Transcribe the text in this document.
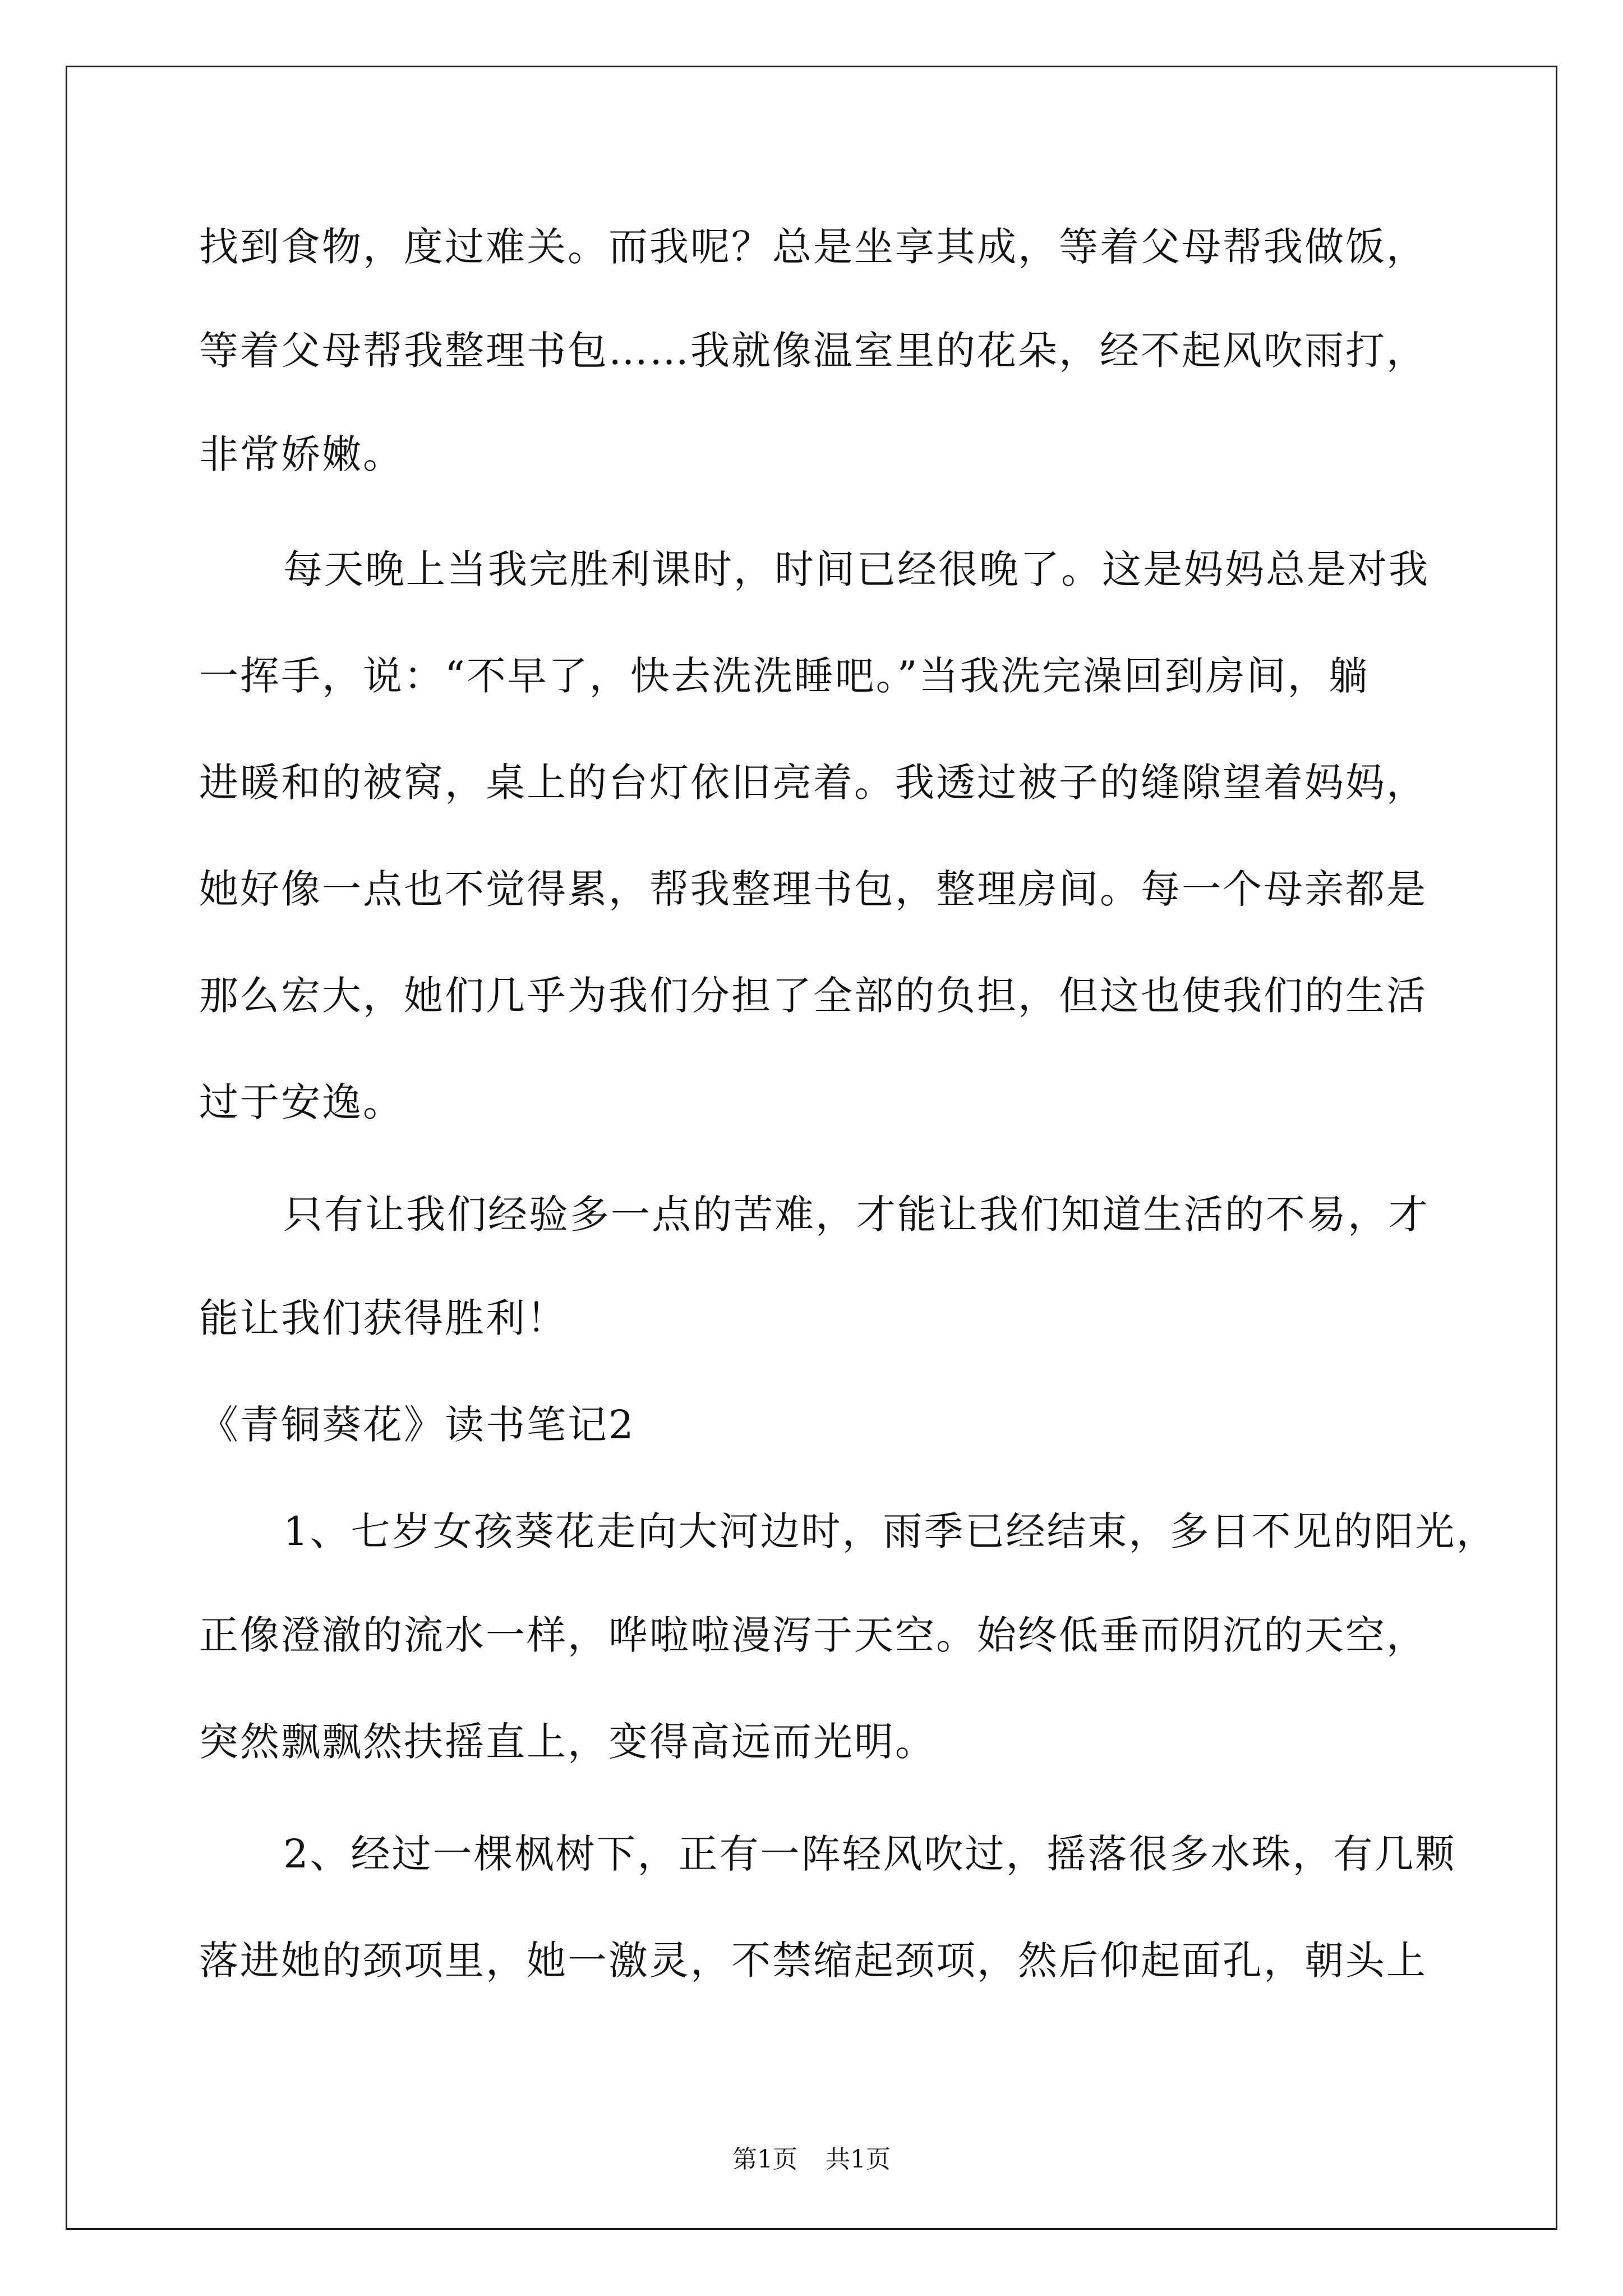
找到食物，度过难关。而我呢？总是坐享其成，等着父母帮我做饭，
等着父母帮我整理书包……我就像温室里的花朵，经不起风吹雨打，
非常娇嫩。
每天晚上当我完胜利课时，时间已经很晚了。这是妈妈总是对我
一挥手，说：“不早了，快去洗洗睡吧。”当我洗完澡回到房间，躺
进暖和的被窝，桌上的台灯依旧亮着。我透过被子的缝隙望着妈妈，
她好像一点也不觉得累，帮我整理书包，整理房间。每一个母亲都是
那么宏大，她们几乎为我们分担了全部的负担，但这也使我们的生活
过于安逸。
只有让我们经验多一点的苦难，才能让我们知道生活的不易，才
能让我们获得胜利！
《青铜葵花》读书笔记2
1、七岁女孩葵花走向大河边时，雨季已经结束，多日不见的阳光，
正像澄澈的流水一样，哗啦啦漫泻于天空。始终低垂而阴沉的天空，
突然飘飘然扶摇直上，变得高远而光明。
2、经过一棵枫树下，正有一阵轻风吹过，摇落很多水珠，有几颗
落进她的颈项里，她一激灵，不禁缩起颈项，然后仰起面孔，朝头上
第1页 共1页
